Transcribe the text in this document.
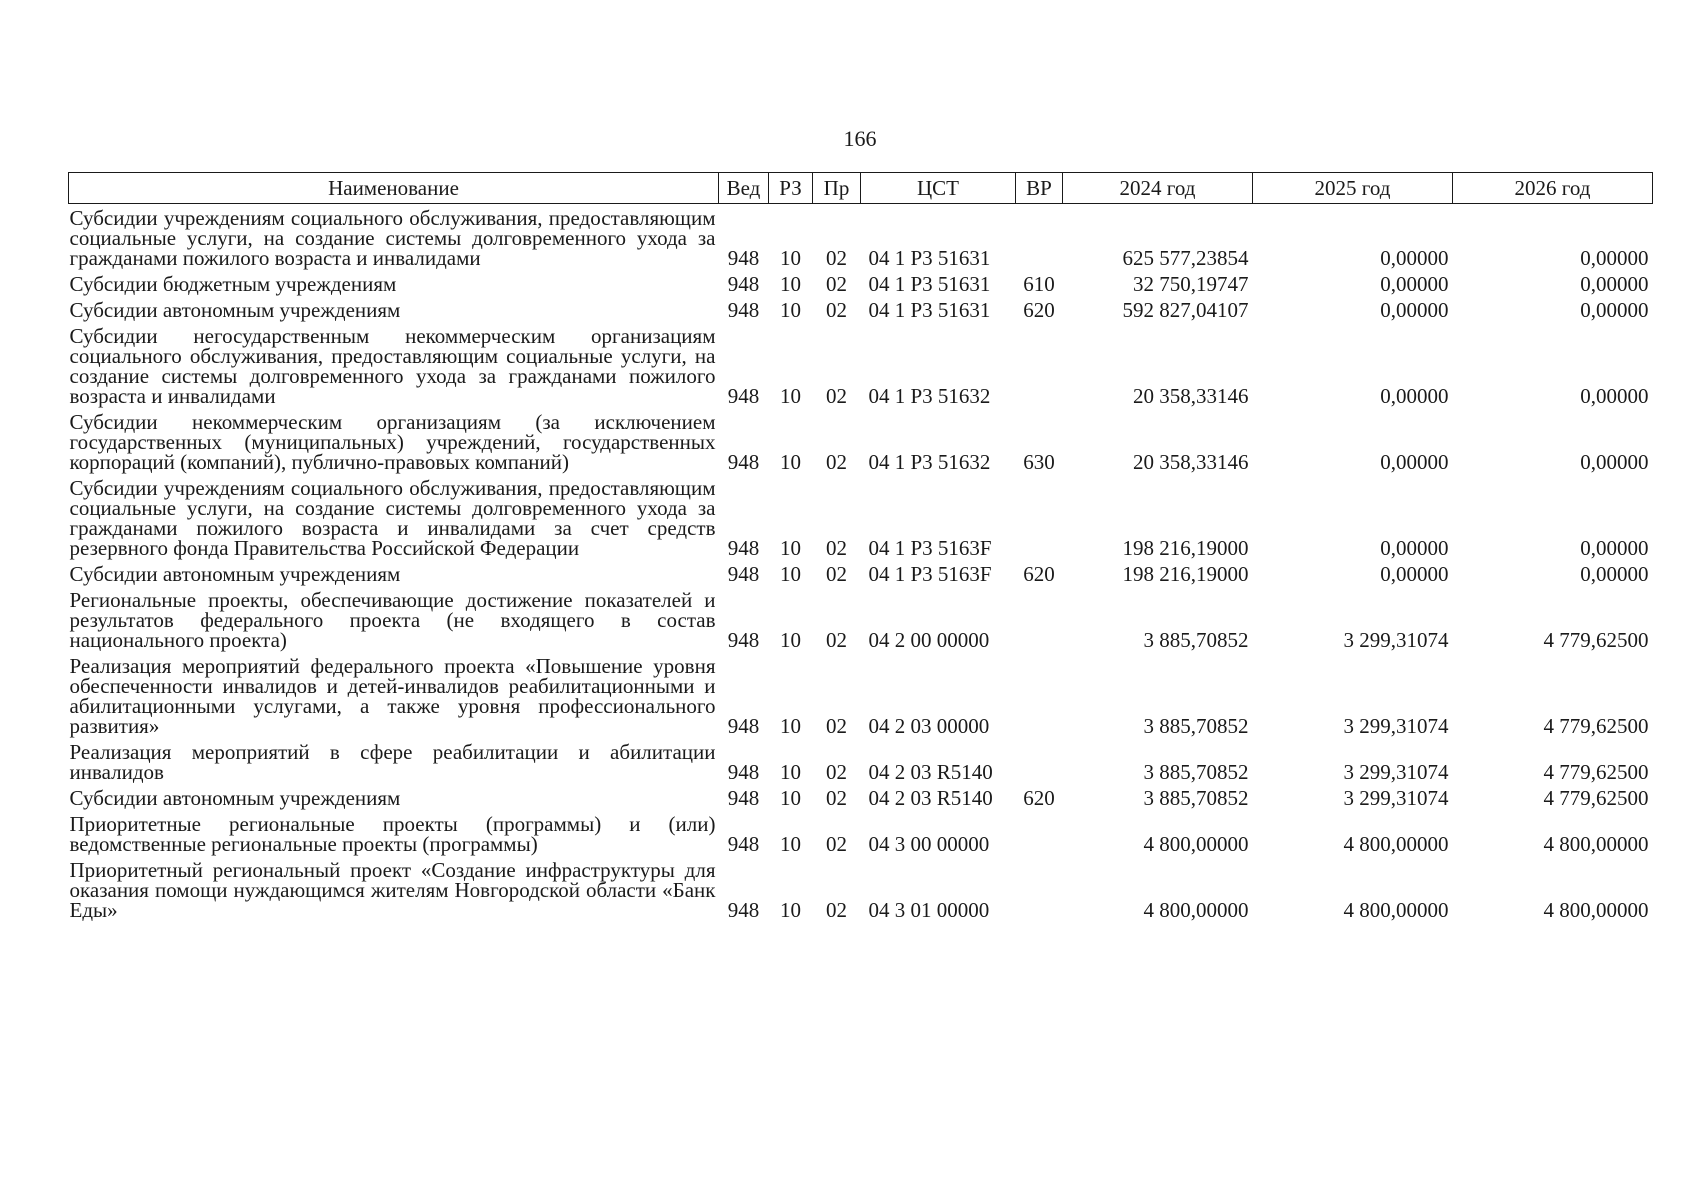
166
Наименование	Вед	РЗ	Пр	ЦСТ	ВР	2024 год	2025 год	2026 год
Субсидии учреждениям социального обслуживания, предоставляющим социальные услуги, на создание системы долговременного ухода за гражданами пожилого возраста и инвалидами	948	10	02	04 1 Р3 51631		625 577,23854	0,00000	0,00000
Субсидии бюджетным учреждениям	948	10	02	04 1 Р3 51631	610	32 750,19747	0,00000	0,00000
Субсидии автономным учреждениям	948	10	02	04 1 Р3 51631	620	592 827,04107	0,00000	0,00000
Субсидии негосударственным некоммерческим организациям социального обслуживания, предоставляющим социальные услуги, на создание системы долговременного ухода за гражданами пожилого возраста и инвалидами	948	10	02	04 1 Р3 51632		20 358,33146	0,00000	0,00000
Субсидии некоммерческим организациям (за исключением государственных (муниципальных) учреждений, государственных корпораций (компаний), публично-правовых компаний)	948	10	02	04 1 Р3 51632	630	20 358,33146	0,00000	0,00000
Субсидии учреждениям социального обслуживания, предоставляющим социальные услуги, на создание системы долговременного ухода за гражданами пожилого возраста и инвалидами за счет средств резервного фонда Правительства Российской Федерации	948	10	02	04 1 Р3 5163F		198 216,19000	0,00000	0,00000
Субсидии автономным учреждениям	948	10	02	04 1 Р3 5163F	620	198 216,19000	0,00000	0,00000
Региональные проекты, обеспечивающие достижение показателей и результатов федерального проекта (не входящего в состав национального проекта)	948	10	02	04 2 00 00000		3 885,70852	3 299,31074	4 779,62500
Реализация мероприятий федерального проекта «Повышение уровня обеспеченности инвалидов и детей-инвалидов реабилитационными и абилитационными услугами, а также уровня профессионального развития»	948	10	02	04 2 03 00000		3 885,70852	3 299,31074	4 779,62500
Реализация мероприятий в сфере реабилитации и абилитации инвалидов	948	10	02	04 2 03 R5140		3 885,70852	3 299,31074	4 779,62500
Субсидии автономным учреждениям	948	10	02	04 2 03 R5140	620	3 885,70852	3 299,31074	4 779,62500
Приоритетные региональные проекты (программы) и (или) ведомственные региональные проекты (программы)	948	10	02	04 3 00 00000		4 800,00000	4 800,00000	4 800,00000
Приоритетный региональный проект «Создание инфраструктуры для оказания помощи нуждающимся жителям Новгородской области «Банк Еды»	948	10	02	04 3 01 00000		4 800,00000	4 800,00000	4 800,00000
